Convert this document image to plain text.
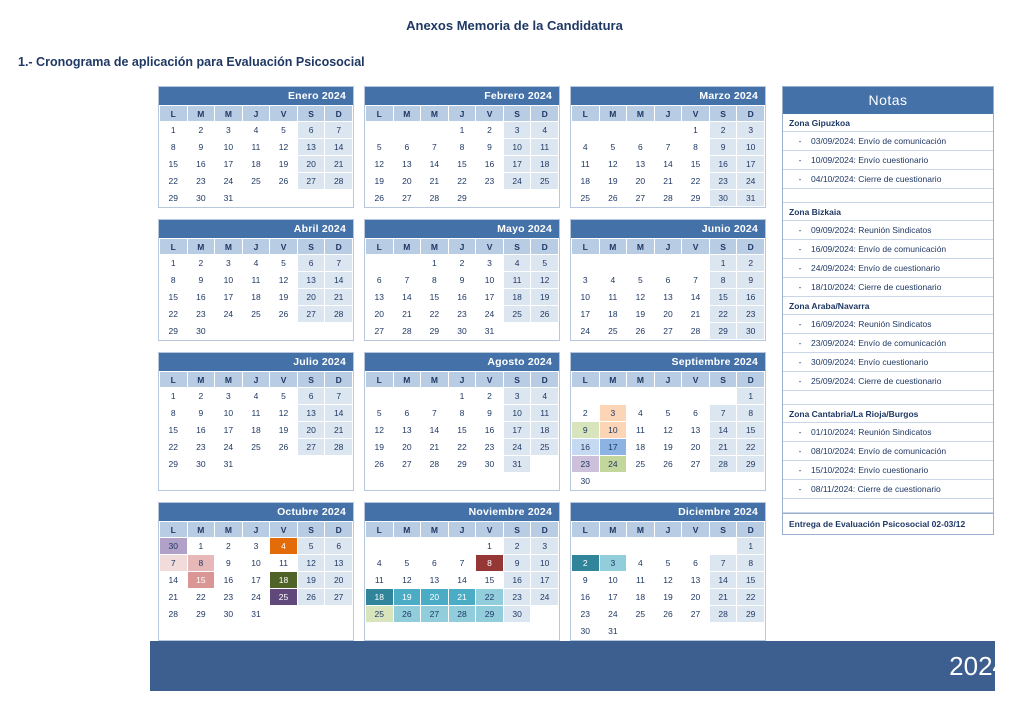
Anexos Memoria de la Candidatura
1.- Cronograma de aplicación para Evaluación Psicosocial
Enero 2024
L	M	M	J	V	S	D
1	2	3	4	5	6	7
8	9	10	11	12	13	14
15	16	17	18	19	20	21
22	23	24	25	26	27	28
29	30	31				
Febrero 2024
L	M	M	J	V	S	D
			1	2	3	4
5	6	7	8	9	10	11
12	13	14	15	16	17	18
19	20	21	22	23	24	25
26	27	28	29			
Marzo 2024
L	M	M	J	V	S	D
				1	2	3
4	5	6	7	8	9	10
11	12	13	14	15	16	17
18	19	20	21	22	23	24
25	26	27	28	29	30	31
Abril 2024
L	M	M	J	V	S	D
1	2	3	4	5	6	7
8	9	10	11	12	13	14
15	16	17	18	19	20	21
22	23	24	25	26	27	28
29	30					
Mayo 2024
L	M	M	J	V	S	D
		1	2	3	4	5
6	7	8	9	10	11	12
13	14	15	16	17	18	19
20	21	22	23	24	25	26
27	28	29	30	31		
Junio 2024
L	M	M	J	V	S	D
					1	2
3	4	5	6	7	8	9
10	11	12	13	14	15	16
17	18	19	20	21	22	23
24	25	26	27	28	29	30
Julio 2024
L	M	M	J	V	S	D
1	2	3	4	5	6	7
8	9	10	11	12	13	14
15	16	17	18	19	20	21
22	23	24	25	26	27	28
29	30	31				
Agosto 2024
L	M	M	J	V	S	D
			1	2	3	4
5	6	7	8	9	10	11
12	13	14	15	16	17	18
19	20	21	22	23	24	25
26	27	28	29	30	31	
Septiembre 2024
L	M	M	J	V	S	D
						1
2	3	4	5	6	7	8
9	10	11	12	13	14	15
16	17	18	19	20	21	22
23	24	25	26	27	28	29
30						
Octubre 2024
L	M	M	J	V	S	D
30	1	2	3	4	5	6
7	8	9	10	11	12	13
14	15	16	17	18	19	20
21	22	23	24	25	26	27
28	29	30	31			
Noviembre 2024
L	M	M	J	V	S	D
				1	2	3
4	5	6	7	8	9	10
11	12	13	14	15	16	17
18	19	20	21	22	23	24
25	26	27	28	29	30	
Diciembre 2024
L	M	M	J	V	S	D
						1
2	3	4	5	6	7	8
9	10	11	12	13	14	15
16	17	18	19	20	21	22
23	24	25	26	27	28	29
30	31					
Notas
Zona Gipuzkoa
-	03/09/2024: Envío de comunicación
-	10/09/2024: Envío cuestionario
-	04/10/2024: Cierre de cuestionario

Zona Bizkaia
-	09/09/2024: Reunión Sindicatos
-	16/09/2024: Envío de comunicación
-	24/09/2024: Envío de cuestionario
-	18/10/2024: Cierre de cuestionario
Zona Araba/Navarra
-	16/09/2024: Reunión Sindicatos
-	23/09/2024: Envío de comunicación
-	30/09/2024: Envío cuestionario
-	25/09/2024: Cierre de cuestionario

Zona Cantabria/La Rioja/Burgos
-	01/10/2024: Reunión Sindicatos
-	08/10/2024: Envío de comunicación
-	15/10/2024: Envío cuestionario
-	08/11/2024: Cierre de cuestionario

Entrega de Evaluación Psicosocial 02-03/12
2024
